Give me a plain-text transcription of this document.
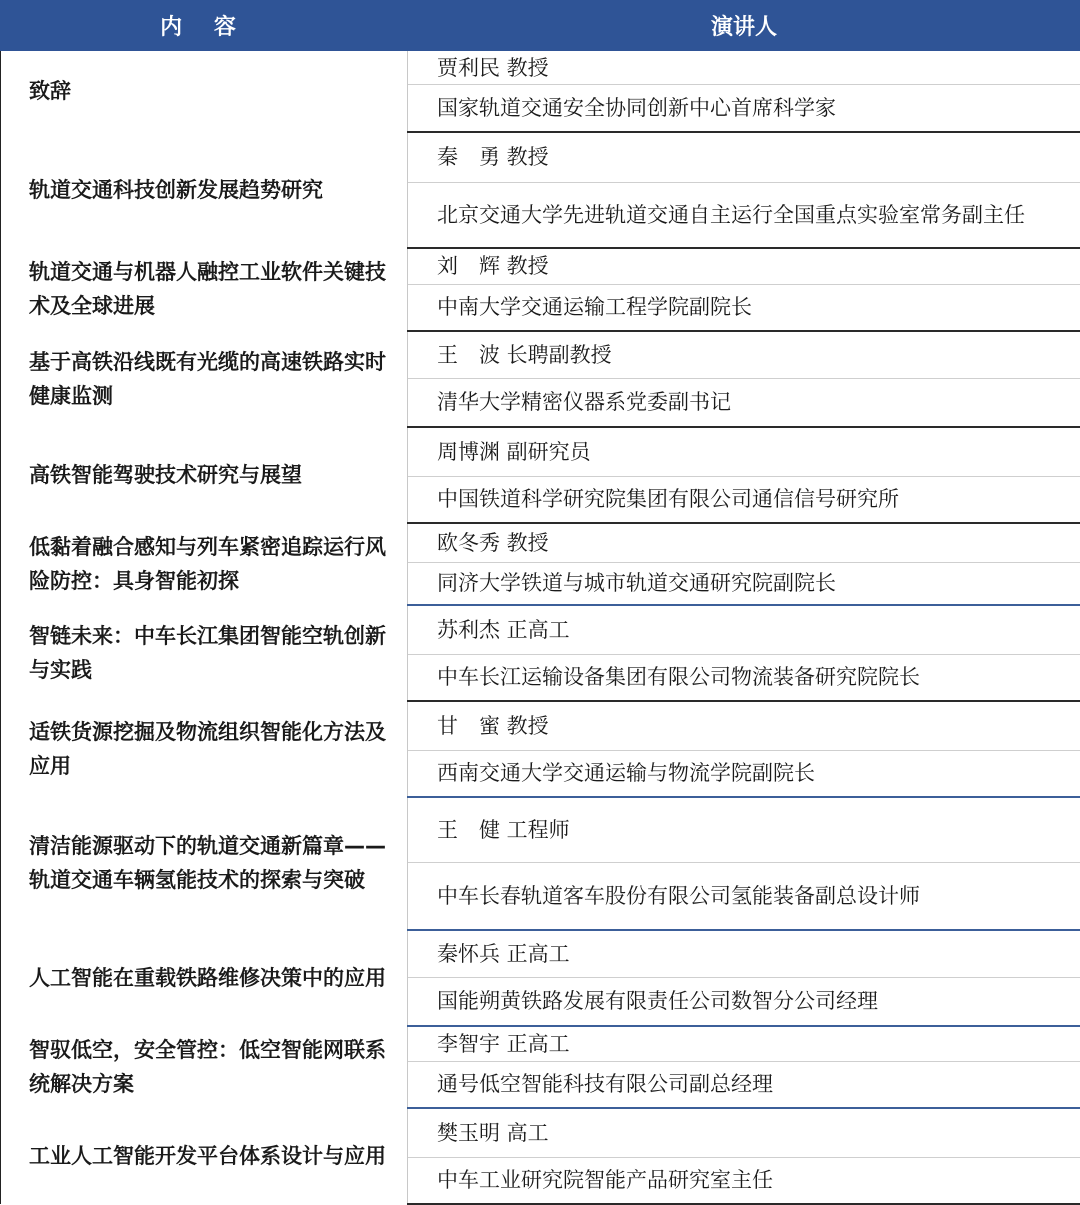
内 容	演讲人
致辞	贾利民 教授
	国家轨道交通安全协同创新中心首席科学家
轨道交通科技创新发展趋势研究	秦　勇 教授
	北京交通大学先进轨道交通自主运行全国重点实验室常务副主任
轨道交通与机器人融控工业软件关键技术及全球进展	刘　辉 教授
	中南大学交通运输工程学院副院长
基于高铁沿线既有光缆的高速铁路实时健康监测	王　波 长聘副教授
	清华大学精密仪器系党委副书记
高铁智能驾驶技术研究与展望	周博渊 副研究员
	中国铁道科学研究院集团有限公司通信信号研究所
低黏着融合感知与列车紧密追踪运行风险防控：具身智能初探	欧冬秀 教授
	同济大学铁道与城市轨道交通研究院副院长
智链未来：中车长江集团智能空轨创新与实践	苏利杰 正高工
	中车长江运输设备集团有限公司物流装备研究院院长
适铁货源挖掘及物流组织智能化方法及应用	甘　蜜 教授
	西南交通大学交通运输与物流学院副院长
清洁能源驱动下的轨道交通新篇章——轨道交通车辆氢能技术的探索与突破	王　健 工程师
	中车长春轨道客车股份有限公司氢能装备副总设计师
人工智能在重载铁路维修决策中的应用	秦怀兵 正高工
	国能朔黄铁路发展有限责任公司数智分公司经理
智驭低空，安全管控：低空智能网联系统解决方案	李智宇 正高工
	通号低空智能科技有限公司副总经理
工业人工智能开发平台体系设计与应用	樊玉明 高工
	中车工业研究院智能产品研究室主任
